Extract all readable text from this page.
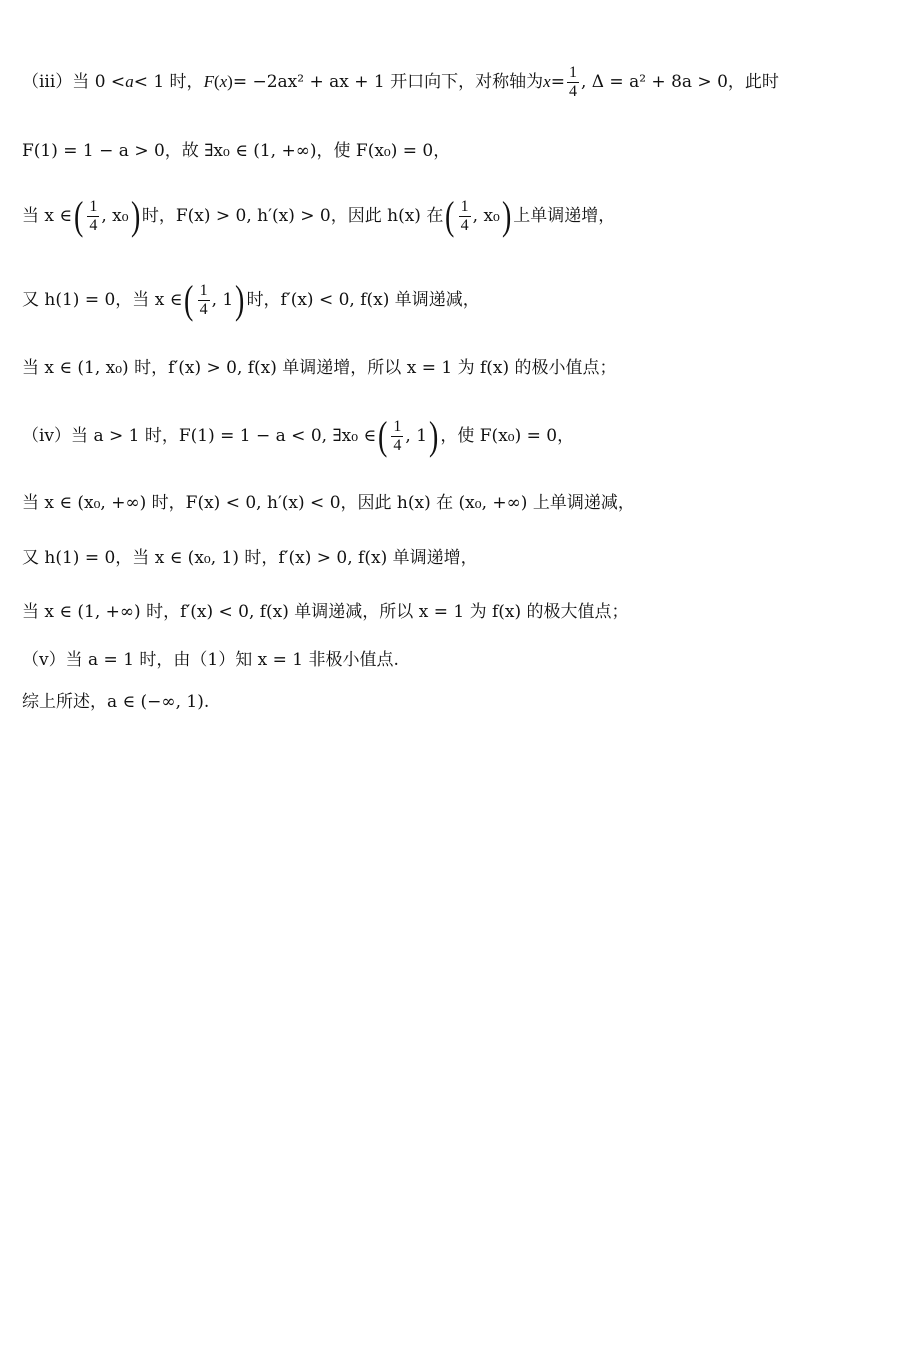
（iii）当 0 < a < 1 时， F ( x ) = −2ax² + ax + 1 开口向下，对称轴为 $x = \frac{1}{4}$ , Δ = a² + 8a > 0，此时
F(1) = 1 − a > 0，故 ∃x₀ ∈ (1, +∞)，使 F(x₀) = 0，
当 x ∈ ( $\frac{1}{4}$ , x₀ ) 时，F(x) > 0, h′(x) > 0，因此 h(x) 在 ( $\frac{1}{4}$ , x₀ ) 上单调递增，
又 h(1) = 0，当 x ∈ ( $\frac{1}{4}$ , 1 ) 时，f′(x) < 0, f(x) 单调递减，
当 x ∈ (1, x₀) 时，f′(x) > 0, f(x) 单调递增，所以 x = 1 为 f(x) 的极小值点；
（iv）当 a > 1 时，F(1) = 1 − a < 0, ∃x₀ ∈ ( $\frac{1}{4}$ , 1 ) ，使 F(x₀) = 0，
当 x ∈ (x₀, +∞) 时，F(x) < 0, h′(x) < 0，因此 h(x) 在 (x₀, +∞) 上单调递减，
又 h(1) = 0，当 x ∈ (x₀, 1) 时，f′(x) > 0, f(x) 单调递增，
当 x ∈ (1, +∞) 时，f′(x) < 0, f(x) 单调递减，所以 x = 1 为 f(x) 的极大值点；
（v）当 a = 1 时，由（1）知 x = 1 非极小值点.
综上所述，a ∈ (−∞, 1).
